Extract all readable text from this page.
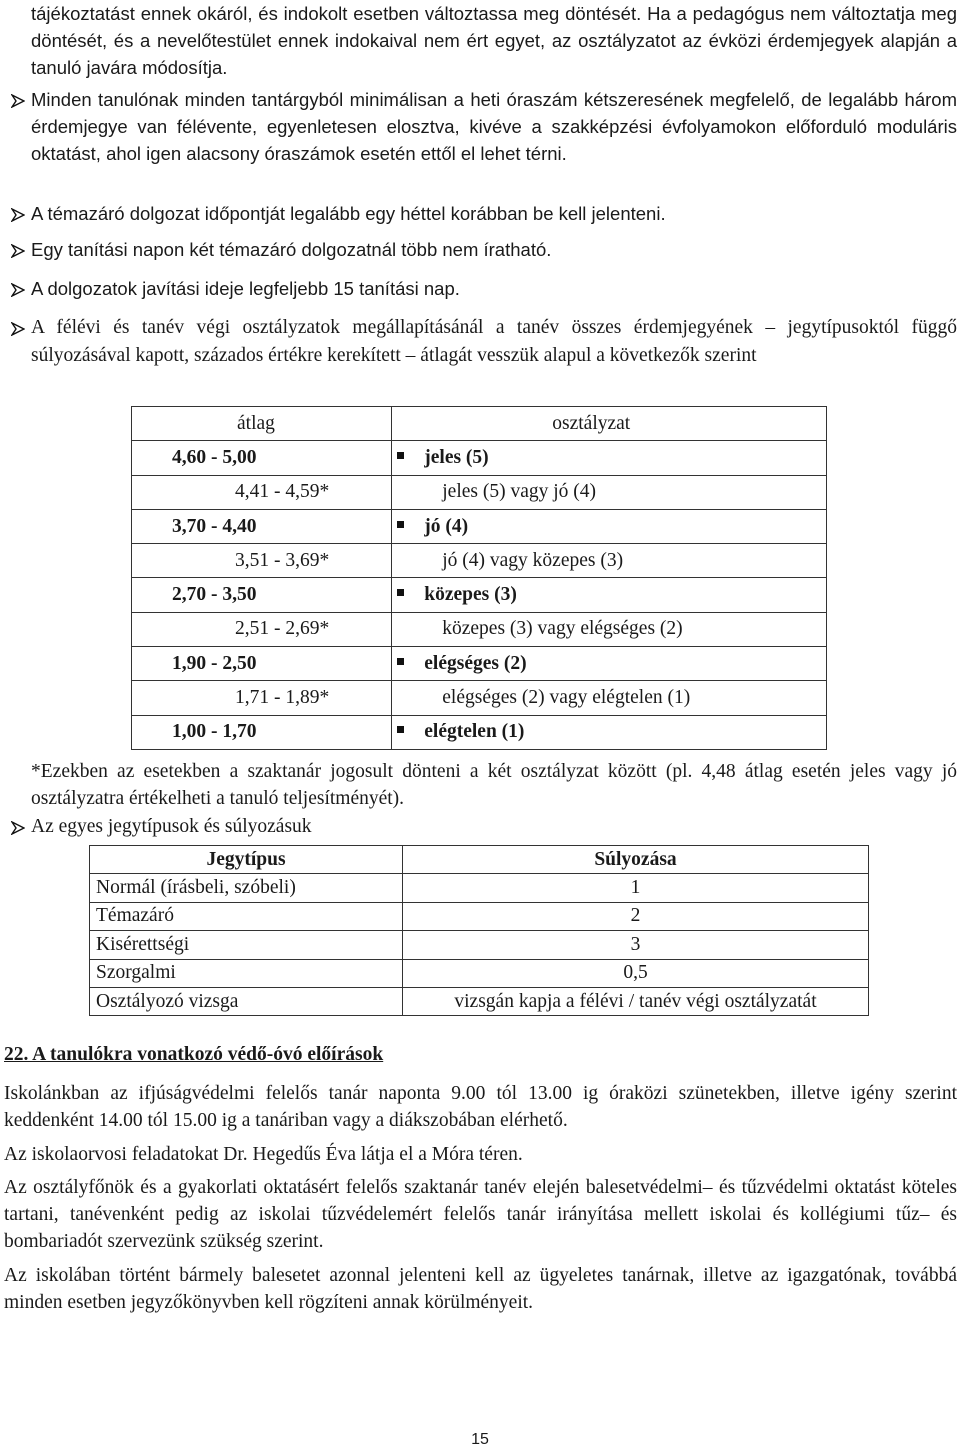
tájékoztatást ennek okáról, és indokolt esetben változtassa meg döntését. Ha a pedagógus nem változtatja meg döntését, és a nevelőtestület ennek indokaival nem ért egyet, az osztályzatot az évközi érdemjegyek alapján a tanuló javára módosítja.

Minden tanulónak minden tantárgyból minimálisan a heti óraszám kétszeresének megfelelő, de legalább három érdemjegye van félévente, egyenletesen elosztva, kivéve a szakképzési évfolyamokon előforduló moduláris oktatást, ahol igen alacsony óraszámok esetén ettől el lehet térni.

A témazáró dolgozat időpontját legalább egy héttel korábban be kell jelenteni.

Egy tanítási napon két témazáró dolgozatnál több nem íratható.

A dolgozatok javítási ideje legfeljebb 15 tanítási nap.

A félévi és tanév végi osztályzatok megállapításánál a tanév összes érdemjegyének – jegytípusoktól függő súlyozásával kapott, százados értékre kerekített – átlagát vesszük alapul a következők szerint

átlag	osztályzat
4,60 - 5,00	jeles (5)
4,41 - 4,59*	jeles (5) vagy jó (4)
3,70 - 4,40	jó (4)
3,51 - 3,69*	jó (4) vagy közepes (3)
2,70 - 3,50	közepes (3)
2,51 - 2,69*	közepes (3) vagy elégséges (2)
1,90 - 2,50	elégséges (2)
1,71 - 1,89*	elégséges (2) vagy elégtelen (1)
1,00 - 1,70	elégtelen (1)

*Ezekben az esetekben a szaktanár jogosult dönteni a két osztályzat között (pl. 4,48 átlag esetén jeles vagy jó osztályzatra értékelheti a tanuló teljesítményét).

Az egyes jegytípusok és súlyozásuk

Jegytípus	Súlyozása
Normál (írásbeli, szóbeli)	1
Témazáró	2
Kisérettségi	3
Szorgalmi	0,5
Osztályozó vizsga	vizsgán kapja a félévi / tanév végi osztályzatát
22. A tanulókra vonatkozó védő-óvó előírások

Iskolánkban az ifjúságvédelmi felelős tanár naponta 9.00 tól 13.00 ig óraközi szünetekben, illetve igény szerint keddenként 14.00 tól 15.00 ig a tanáriban vagy a diákszobában elérhető.

Az iskolaorvosi feladatokat Dr. Hegedűs Éva látja el a Móra téren.

Az osztályfőnök és a gyakorlati oktatásért felelős szaktanár tanév elején balesetvédelmi– és tűzvédelmi oktatást köteles tartani, tanévenként pedig az iskolai tűzvédelemért felelős tanár irányítása mellett iskolai és kollégiumi tűz– és bombariadót szervezünk szükség szerint.

Az iskolában történt bármely balesetet azonnal jelenteni kell az ügyeletes tanárnak, illetve az igazgatónak, továbbá minden esetben jegyzőkönyvben kell rögzíteni annak körülményeit.

15
